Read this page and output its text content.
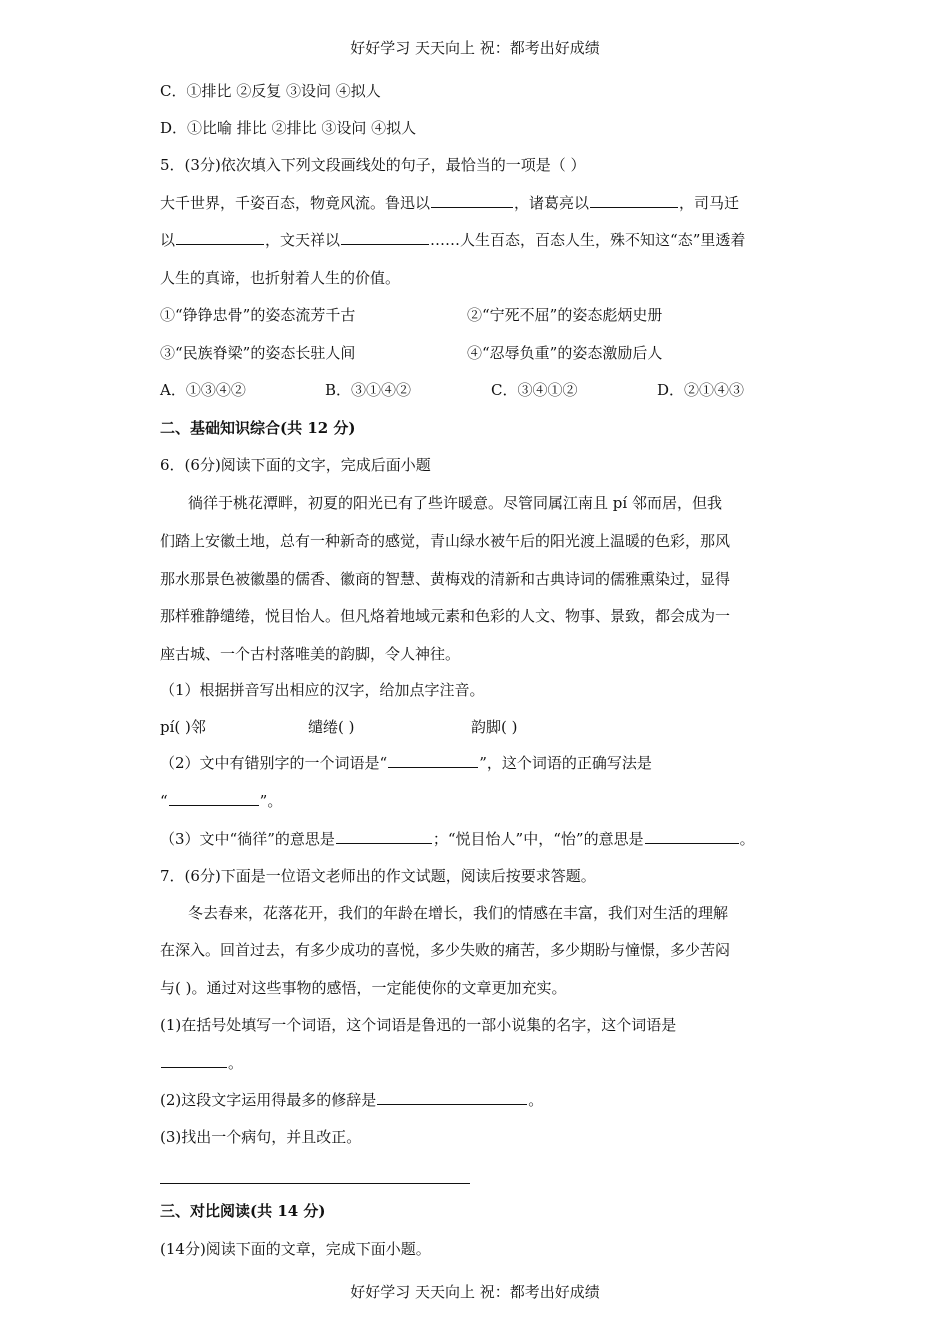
好好学习 天天向上 祝：都考出好成绩
C．①排比 ②反复 ③设问 ④拟人
D．①比喻 排比 ②排比 ③设问 ④拟人
5．(3分)依次填入下列文段画线处的句子，最恰当的一项是（ ）
大千世界，千姿百态，物竟风流。鲁迅以	，诸葛亮以	，司马迁
以	，文天祥以	……人生百态，百态人生，殊不知这“态”里透着
人生的真谛，也折射着人生的价值。
①“铮铮忠骨”的姿态流芳千古	②“宁死不屈”的姿态彪炳史册
③“民族脊梁”的姿态长驻人间	④“忍辱负重”的姿态激励后人
A．①③④②	B．③①④②	C．③④①②	D．②①④③
二、基础知识综合(共 12 分)
6．(6分)阅读下面的文字，完成后面小题
徜徉于桃花潭畔，初夏的阳光已有了些许暖意。尽管同属江南且 pí 邻而居，但我
们踏上安徽土地，总有一种新奇的感觉，青山绿水被午后的阳光渡上温暖的色彩，那风
那水那景色被徽墨的儒香、徽商的智慧、黄梅戏的清新和古典诗词的儒雅熏染过，显得
那样雅静缱绻，悦目怡人。但凡烙着地域元素和色彩的人文、物事、景致，都会成为一
座古城、一个古村落唯美的韵脚，令人神往。
（1）根据拼音写出相应的汉字，给加点字注音。
pí( )邻	缱绻( )	韵脚( )
（2）文中有错别字的一个词语是“	”，这个词语的正确写法是
“	”。
（3）文中“徜徉”的意思是	；“悦目怡人”中，“怡”的意思是	。
7．(6分)下面是一位语文老师出的作文试题，阅读后按要求答题。
冬去春来，花落花开，我们的年龄在增长，我们的情感在丰富，我们对生活的理解
在深入。回首过去，有多少成功的喜悦，多少失败的痛苦，多少期盼与憧憬，多少苦闷
与( )。通过对这些事物的感悟，一定能使你的文章更加充实。
(1)在括号处填写一个词语，这个词语是鲁迅的一部小说集的名字，这个词语是
。
(2)这段文字运用得最多的修辞是	。
(3)找出一个病句，并且改正。
三、对比阅读(共 14 分)
(14分)阅读下面的文章，完成下面小题。
好好学习 天天向上 祝：都考出好成绩
